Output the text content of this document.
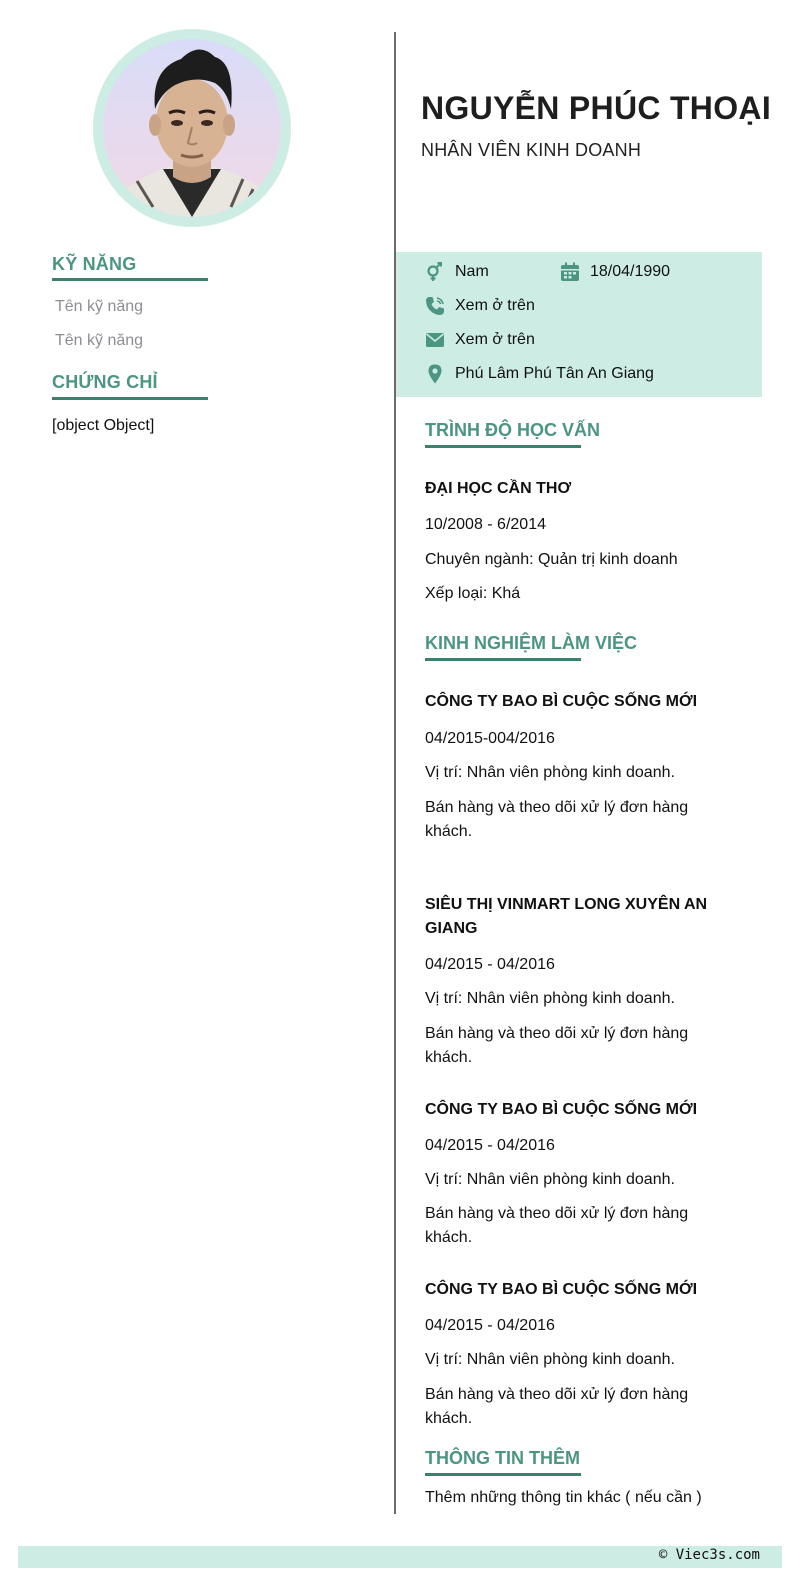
KỸ NĂNG
Tên kỹ năng
Tên kỹ năng
CHỨNG CHỈ
[object Object]
NGUYỄN PHÚC THOẠI
NHÂN VIÊN KINH DOANH
Nam	18/04/1990
Xem ở trên
Xem ở trên
Phú Lâm Phú Tân An Giang
TRÌNH ĐỘ HỌC VẤN
ĐẠI HỌC CẦN THƠ
10/2008 - 6/2014
Chuyên ngành: Quản trị kinh doanh
Xếp loại: Khá
KINH NGHIỆM LÀM VIỆC
CÔNG TY BAO BÌ CUỘC SỐNG MỚI
04/2015-004/2016
Vị trí: Nhân viên phòng kinh doanh.
Bán hàng và theo dõi xử lý đơn hàng khách.
SIÊU THỊ VINMART LONG XUYÊN AN GIANG
04/2015 - 04/2016
Vị trí: Nhân viên phòng kinh doanh.
Bán hàng và theo dõi xử lý đơn hàng khách.
CÔNG TY BAO BÌ CUỘC SỐNG MỚI
04/2015 - 04/2016
Vị trí: Nhân viên phòng kinh doanh.
Bán hàng và theo dõi xử lý đơn hàng khách.
CÔNG TY BAO BÌ CUỘC SỐNG MỚI
04/2015 - 04/2016
Vị trí: Nhân viên phòng kinh doanh.
Bán hàng và theo dõi xử lý đơn hàng khách.
THÔNG TIN THÊM
Thêm những thông tin khác ( nếu cần )
© Viec3s.com
